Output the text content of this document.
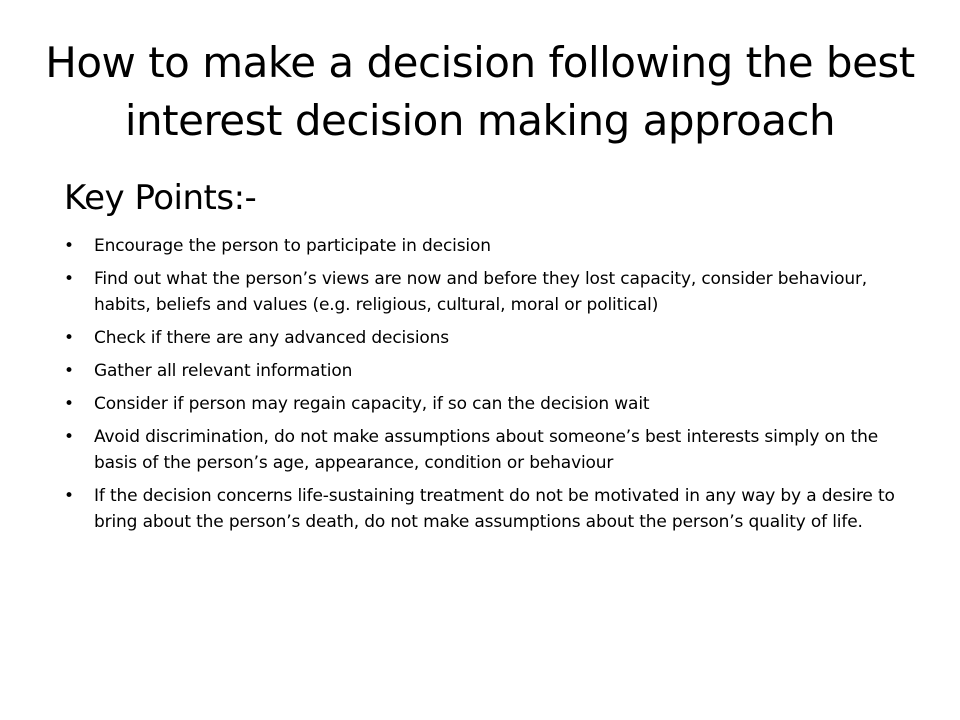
How to make a decision following the best interest decision making approach
Key Points:-
• Encourage the person to participate in decision
• Find out what the person’s views are now and before they lost capacity, consider behaviour, habits, beliefs and values (e.g. religious, cultural, moral or political)
• Check if there are any advanced decisions
• Gather all relevant information
• Consider if person may regain capacity, if so can the decision wait
• Avoid discrimination, do not make assumptions about someone’s best interests simply on the basis of the person’s age, appearance, condition or behaviour
• If the decision concerns life-sustaining treatment do not be motivated in any way by a desire to bring about the person’s death, do not make assumptions about the person’s quality of life.
